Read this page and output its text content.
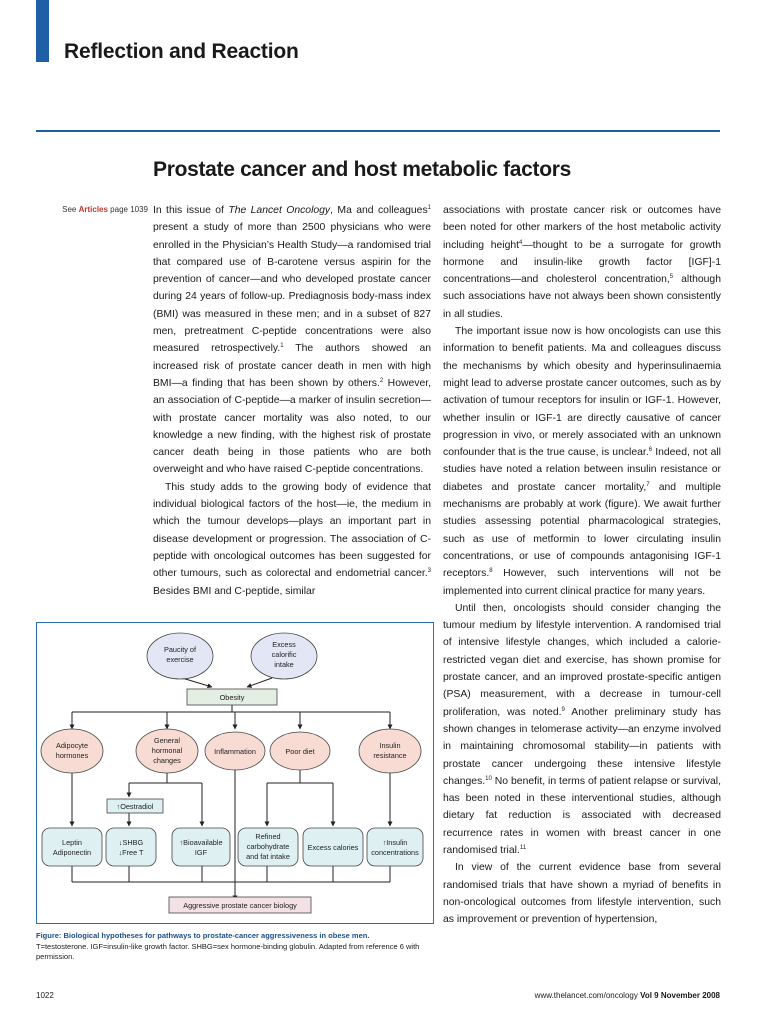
Reflection and Reaction
Prostate cancer and host metabolic factors
See Articles page 1039 In this issue of The Lancet Oncology, Ma and colleagues$^1$ present a study of more than 2500 physicians who were enrolled in the Physician’s Health Study—a randomised trial that compared use of B-carotene versus aspirin for the prevention of cancer—and who developed prostate cancer during 24 years of follow-up. Prediagnosis body-mass index (BMI) was measured in these men; and in a subset of 827 men, pretreatment C-peptide concentrations were also measured retrospectively.$^1$ The authors showed an increased risk of prostate cancer death in men with high BMI—a finding that has been shown by others.$^2$ However, an association of C-peptide—a marker of insulin secretion—with prostate cancer mortality was also noted, to our knowledge a new finding, with the highest risk of prostate cancer death being in those patients who are both overweight and who have raised C-peptide concentrations.

This study adds to the growing body of evidence that individual biological factors of the host—ie, the medium in which the tumour develops—plays an important part in disease development or progression. The association of C-peptide with oncological outcomes has been suggested for other tumours, such as colorectal and endometrial cancer.$^3$ Besides BMI and C-peptide, similar

associations with prostate cancer risk or outcomes have been noted for other markers of the host metabolic activity including height$^4$—thought to be a surrogate for growth hormone and insulin-like growth factor [IGF]-1 concentrations—and cholesterol concentration,$^5$ although such associations have not always been shown consistently in all studies.

The important issue now is how oncologists can use this information to benefit patients. Ma and colleagues discuss the mechanisms by which obesity and hyperinsulinaemia might lead to adverse prostate cancer outcomes, such as by activation of tumour receptors for insulin or IGF-1. However, whether insulin or IGF-1 are directly causative of cancer progression in vivo, or merely associated with an unknown confounder that is the true cause, is unclear.$^6$ Indeed, not all studies have noted a relation between insulin resistance or diabetes and prostate cancer mortality,$^7$ and multiple mechanisms are probably at work (figure). We await further studies assessing potential pharmacological strategies, such as use of metformin to lower circulating insulin concentrations, or use of compounds antagonising IGF-1 receptors.$^8$ However, such interventions will not be implemented into current clinical practice for many years.

Until then, oncologists should consider changing the tumour medium by lifestyle intervention. A randomised trial of intensive lifestyle changes, which included a calorie-restricted vegan diet and exercise, has shown promise for prostate cancer, and an improved prostate-specific antigen (PSA) measurement, with a decrease in tumour-cell proliferation, was noted.$^9$ Another preliminary study has shown changes in telomerase activity—an enzyme involved in maintaining chromosomal stability—in patients with prostate cancer undergoing these intensive lifestyle changes.$^{10}$ No benefit, in terms of patient relapse or survival, has been noted in these interventional studies, although dietary fat reduction is associated with decreased recurrence rates in women with breast cancer in one randomised trial.$^{11}$

In view of the current evidence base from several randomised trials that have shown a myriad of benefits in non-oncological outcomes from lifestyle intervention, such as improvement or prevention of hypertension,

Paucity of
exercise
Excess
calorific
intake
Obesity
Adipocyte
hormones
General
hormonal
changes
Inflammation	Poor diet
Insulin
resistance
↑Oestradiol
Leptin
Adiponectin
↓SHBG
↓Free T
↑Bioavailable
IGF
Refined
carbohydrate
and fat intake
Excess calories
↑Insulin
concentrations
Aggressive prostate cancer biology
Figure: Biological hypotheses for pathways to prostate-cancer aggressiveness in obese men.
T=testosterone. IGF=insulin-like growth factor. SHBG=sex hormone-binding globulin. Adapted from reference 6 with permission.
1022	www.thelancet.com/oncology Vol 9 November 2008
